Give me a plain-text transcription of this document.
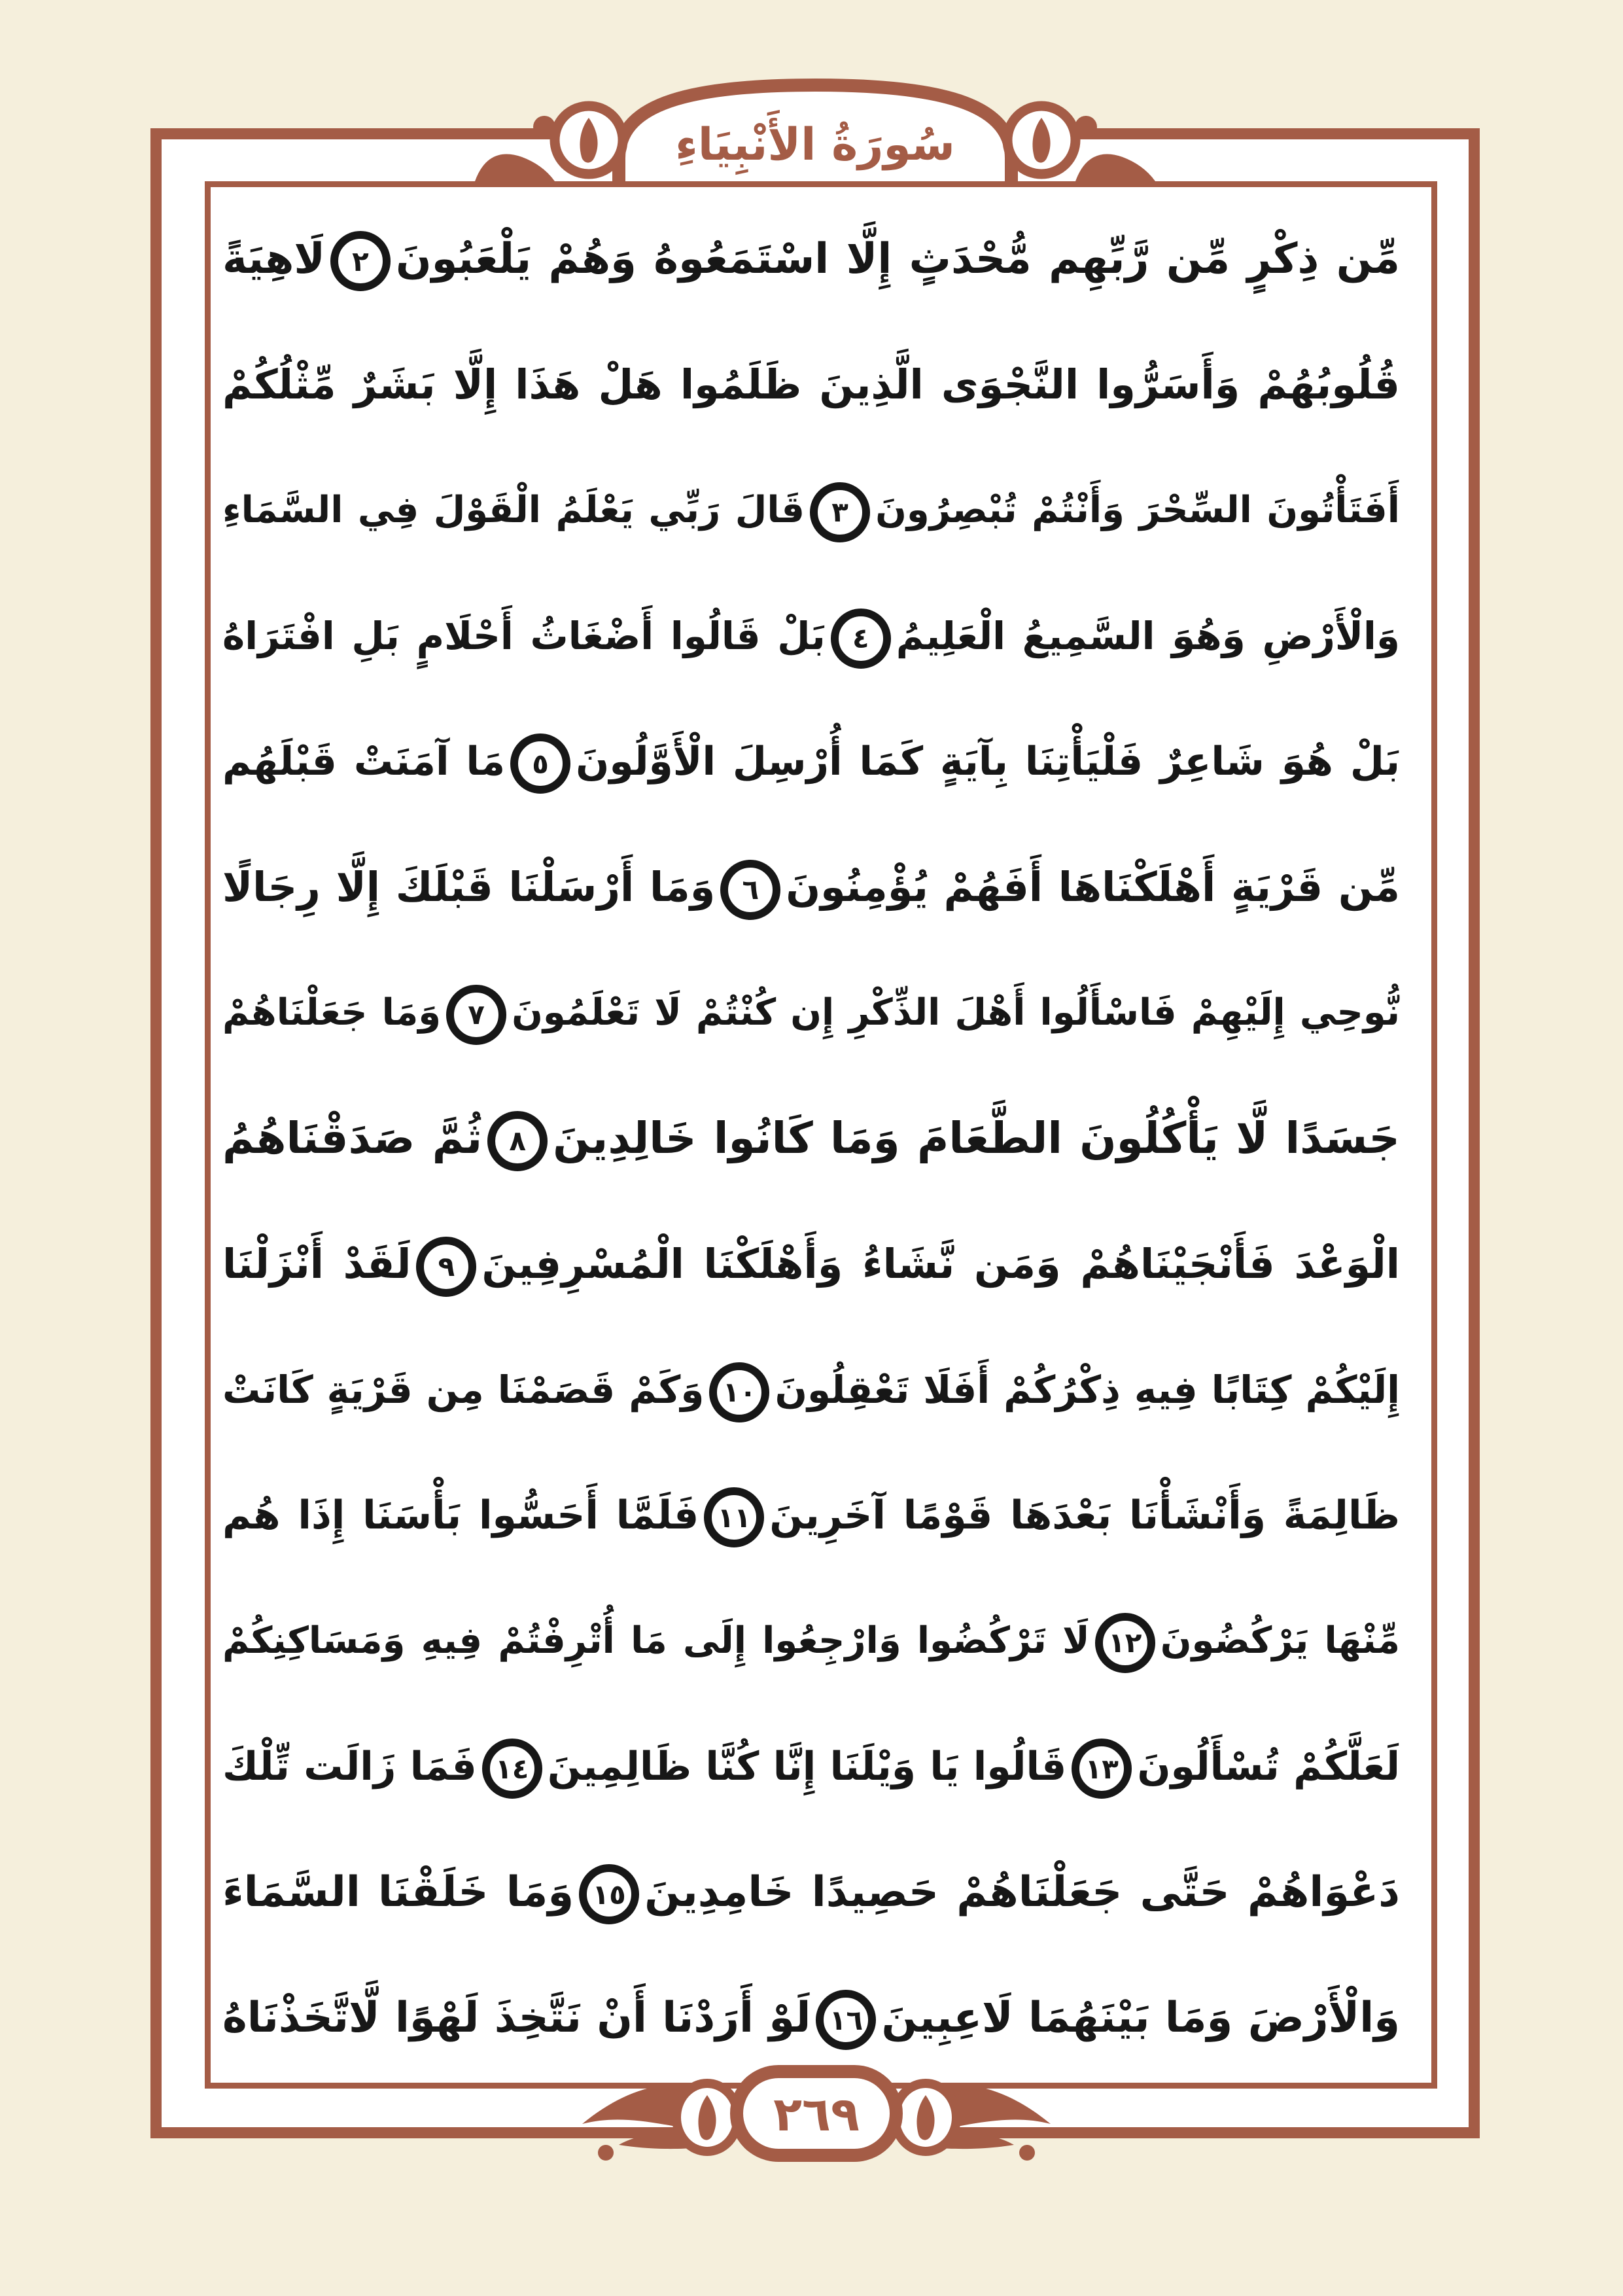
سُورَةُ الأَنْبِيَاءِ
مِّن ذِكْرٍ مِّن رَّبِّهِم مُّحْدَثٍ إِلَّا اسْتَمَعُوهُ وَهُمْ يَلْعَبُونَ
٢
لَاهِيَةً
قُلُوبُهُمْ وَأَسَرُّوا النَّجْوَى الَّذِينَ ظَلَمُوا هَلْ هَذَا إِلَّا بَشَرٌ مِّثْلُكُمْ
أَفَتَأْتُونَ السِّحْرَ وَأَنْتُمْ تُبْصِرُونَ
٣
قَالَ رَبِّي يَعْلَمُ الْقَوْلَ فِي السَّمَاءِ
وَالْأَرْضِ وَهُوَ السَّمِيعُ الْعَلِيمُ
٤
بَلْ قَالُوا أَضْغَاثُ أَحْلَامٍ بَلِ افْتَرَاهُ
بَلْ هُوَ شَاعِرٌ فَلْيَأْتِنَا بِآيَةٍ كَمَا أُرْسِلَ الْأَوَّلُونَ
٥
مَا آمَنَتْ قَبْلَهُم
مِّن قَرْيَةٍ أَهْلَكْنَاهَا أَفَهُمْ يُؤْمِنُونَ
٦
وَمَا أَرْسَلْنَا قَبْلَكَ إِلَّا رِجَالًا
نُّوحِي إِلَيْهِمْ فَاسْأَلُوا أَهْلَ الذِّكْرِ إِن كُنْتُمْ لَا تَعْلَمُونَ
٧
وَمَا جَعَلْنَاهُمْ
جَسَدًا لَّا يَأْكُلُونَ الطَّعَامَ وَمَا كَانُوا خَالِدِينَ
٨
ثُمَّ صَدَقْنَاهُمُ
الْوَعْدَ فَأَنْجَيْنَاهُمْ وَمَن نَّشَاءُ وَأَهْلَكْنَا الْمُسْرِفِينَ
٩
لَقَدْ أَنْزَلْنَا
إِلَيْكُمْ كِتَابًا فِيهِ ذِكْرُكُمْ أَفَلَا تَعْقِلُونَ
١٠
وَكَمْ قَصَمْنَا مِن قَرْيَةٍ كَانَتْ
ظَالِمَةً وَأَنْشَأْنَا بَعْدَهَا قَوْمًا آخَرِينَ
١١
فَلَمَّا أَحَسُّوا بَأْسَنَا إِذَا هُم
مِّنْهَا يَرْكُضُونَ
١٢
لَا تَرْكُضُوا وَارْجِعُوا إِلَى مَا أُتْرِفْتُمْ فِيهِ وَمَسَاكِنِكُمْ
لَعَلَّكُمْ تُسْأَلُونَ
١٣
قَالُوا يَا وَيْلَنَا إِنَّا كُنَّا ظَالِمِينَ
١٤
فَمَا زَالَت تِّلْكَ
دَعْوَاهُمْ حَتَّى جَعَلْنَاهُمْ حَصِيدًا خَامِدِينَ
١٥
وَمَا خَلَقْنَا السَّمَاءَ
وَالْأَرْضَ وَمَا بَيْنَهُمَا لَاعِبِينَ
١٦
لَوْ أَرَدْنَا أَنْ نَتَّخِذَ لَهْوًا لَّاتَّخَذْنَاهُ
٢٦٩
